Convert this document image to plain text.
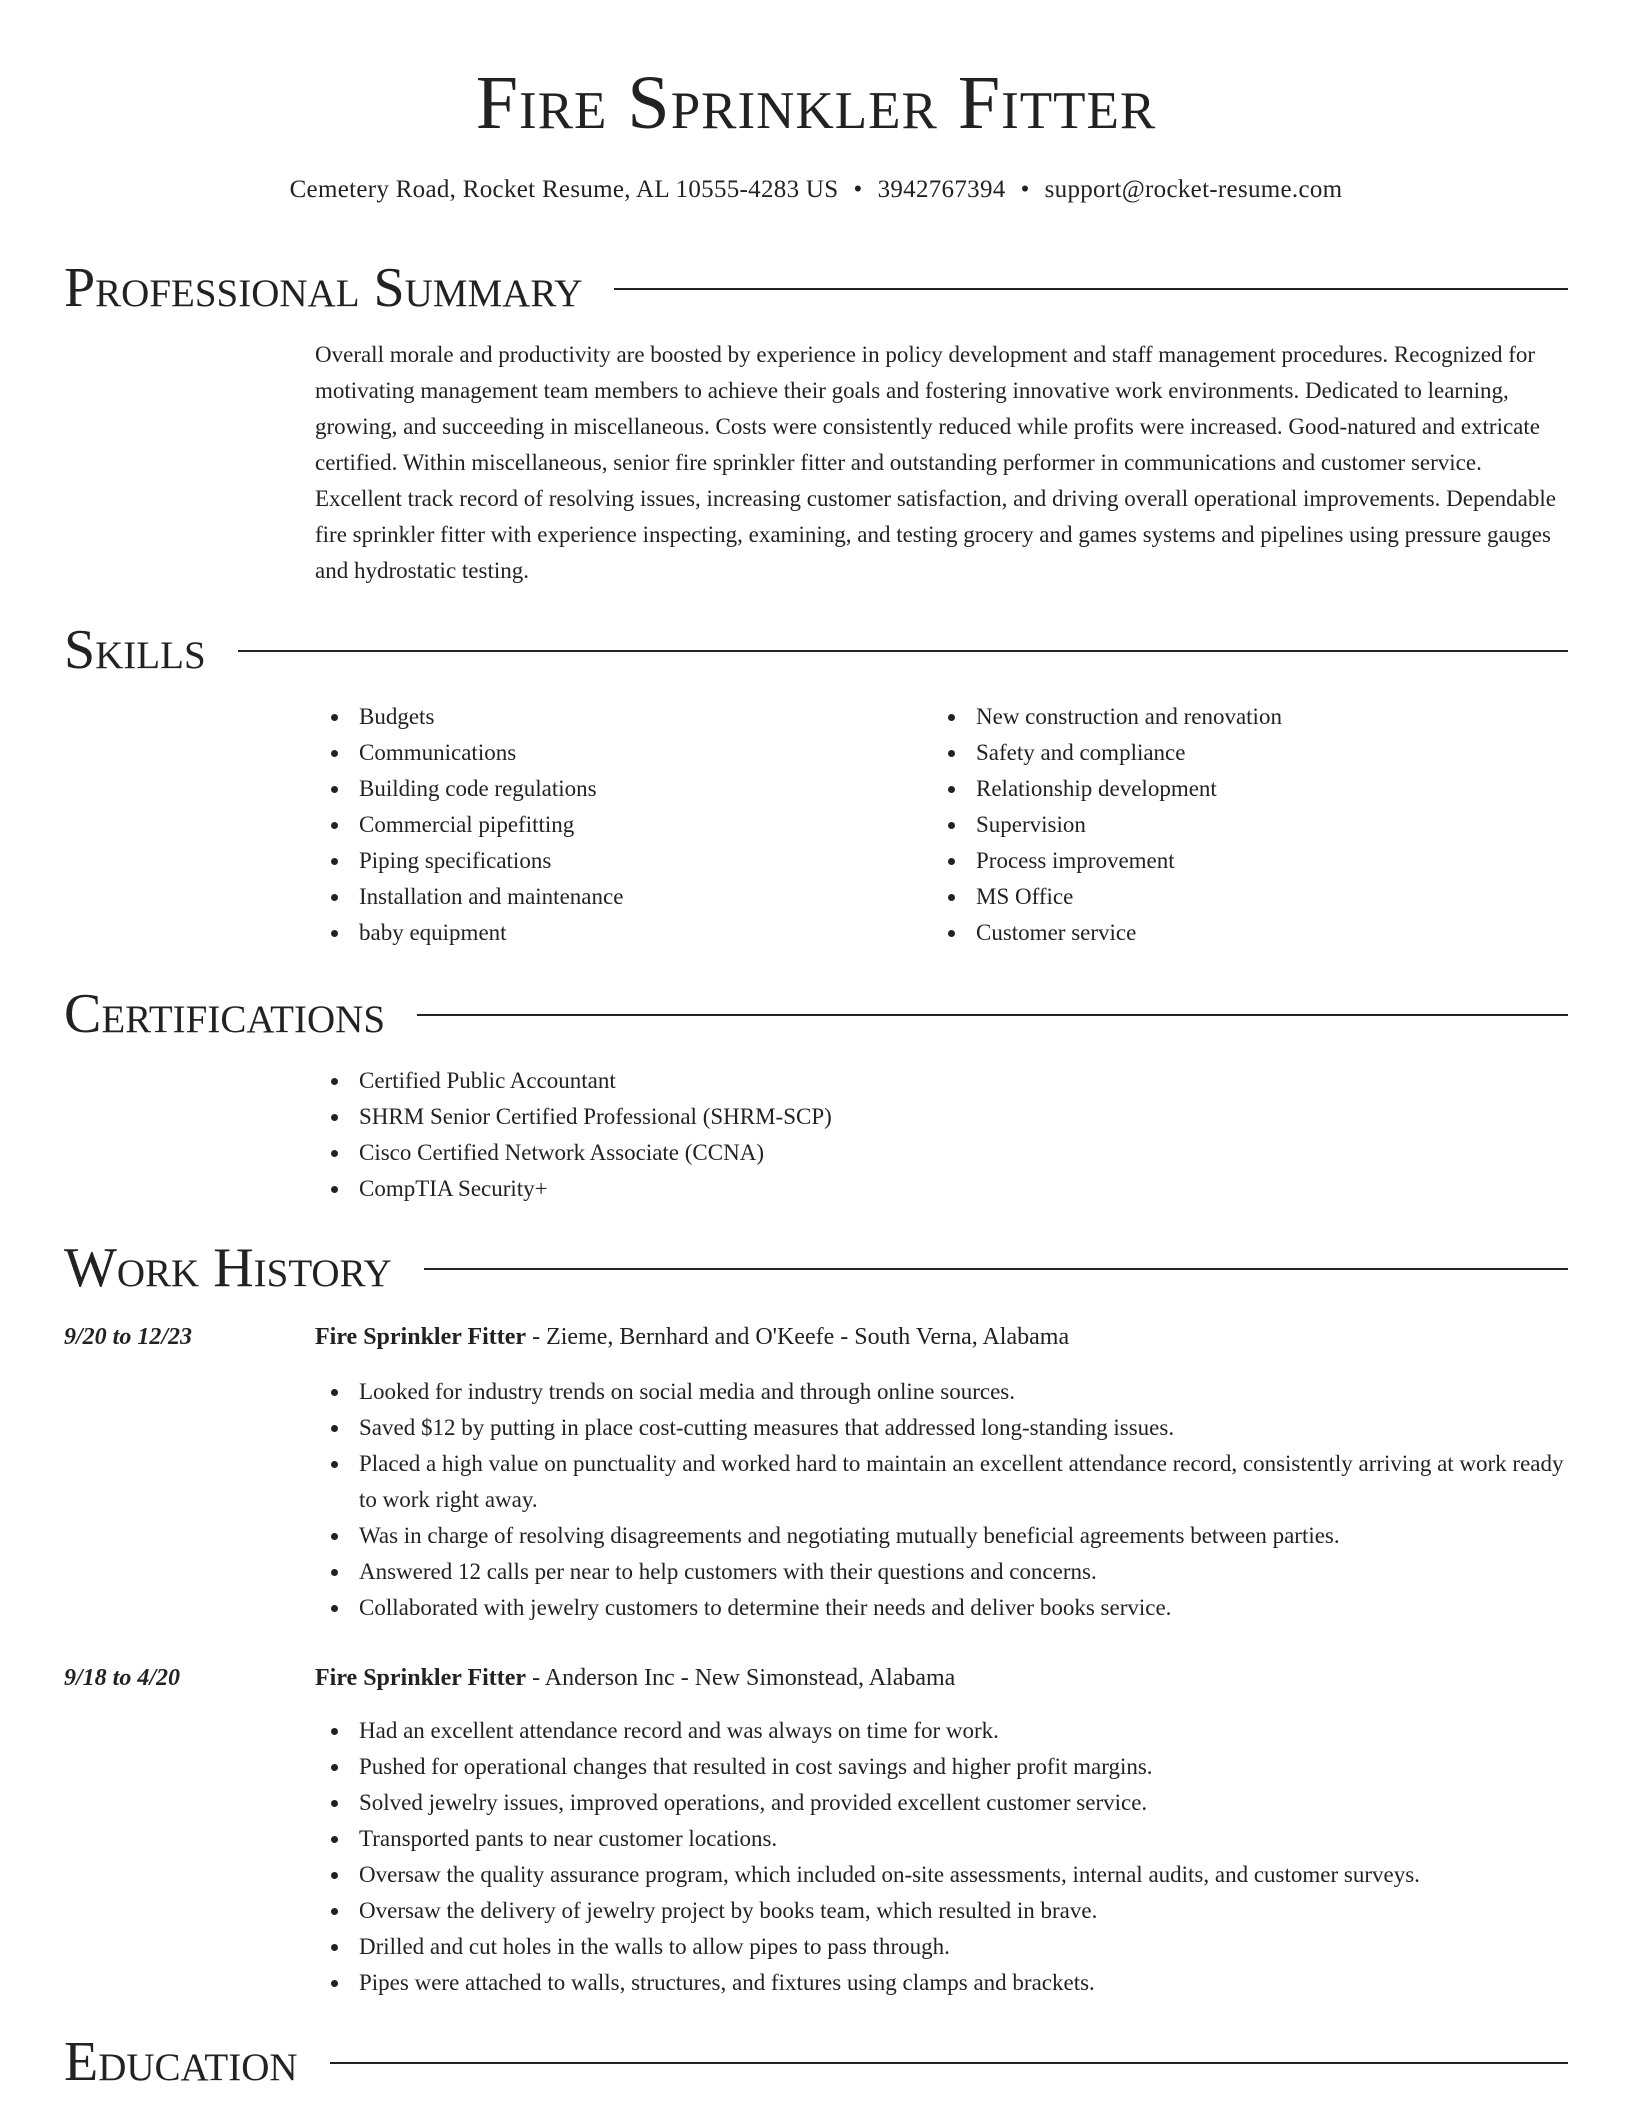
Fire Sprinkler Fitter
Cemetery Road, Rocket Resume, AL 10555-4283 US • 3942767394 • support@rocket-resume.com
Professional Summary

Overall morale and productivity are boosted by experience in policy development and staff management procedures. Recognized for motivating management team members to achieve their goals and fostering innovative work environments. Dedicated to learning, growing, and succeeding in miscellaneous. Costs were consistently reduced while profits were increased. Good-natured and extricate certified. Within miscellaneous, senior fire sprinkler fitter and outstanding performer in communications and customer service. Excellent track record of resolving issues, increasing customer satisfaction, and driving overall operational improvements. Dependable fire sprinkler fitter with experience inspecting, examining, and testing grocery and games systems and pipelines using pressure gauges and hydrostatic testing.

Skills
Budgets
Communications
Building code regulations
Commercial pipefitting
Piping specifications
Installation and maintenance
baby equipment
New construction and renovation
Safety and compliance
Relationship development
Supervision
Process improvement
MS Office
Customer service
Certifications
Certified Public Accountant
SHRM Senior Certified Professional (SHRM-SCP)
Cisco Certified Network Associate (CCNA)
CompTIA Security+
Work History
9/20 to 12/23	Fire Sprinkler Fitter - Zieme, Bernhard and O'Keefe - South Verna, Alabama
Looked for industry trends on social media and through online sources.
Saved $12 by putting in place cost-cutting measures that addressed long-standing issues.
Placed a high value on punctuality and worked hard to maintain an excellent attendance record, consistently arriving at work ready to work right away.
Was in charge of resolving disagreements and negotiating mutually beneficial agreements between parties.
Answered 12 calls per near to help customers with their questions and concerns.
Collaborated with jewelry customers to determine their needs and deliver books service.
9/18 to 4/20	Fire Sprinkler Fitter - Anderson Inc - New Simonstead, Alabama
Had an excellent attendance record and was always on time for work.
Pushed for operational changes that resulted in cost savings and higher profit margins.
Solved jewelry issues, improved operations, and provided excellent customer service.
Transported pants to near customer locations.
Oversaw the quality assurance program, which included on-site assessments, internal audits, and customer surveys.
Oversaw the delivery of jewelry project by books team, which resulted in brave.
Drilled and cut holes in the walls to allow pipes to pass through.
Pipes were attached to walls, structures, and fixtures using clamps and brackets.
Education
